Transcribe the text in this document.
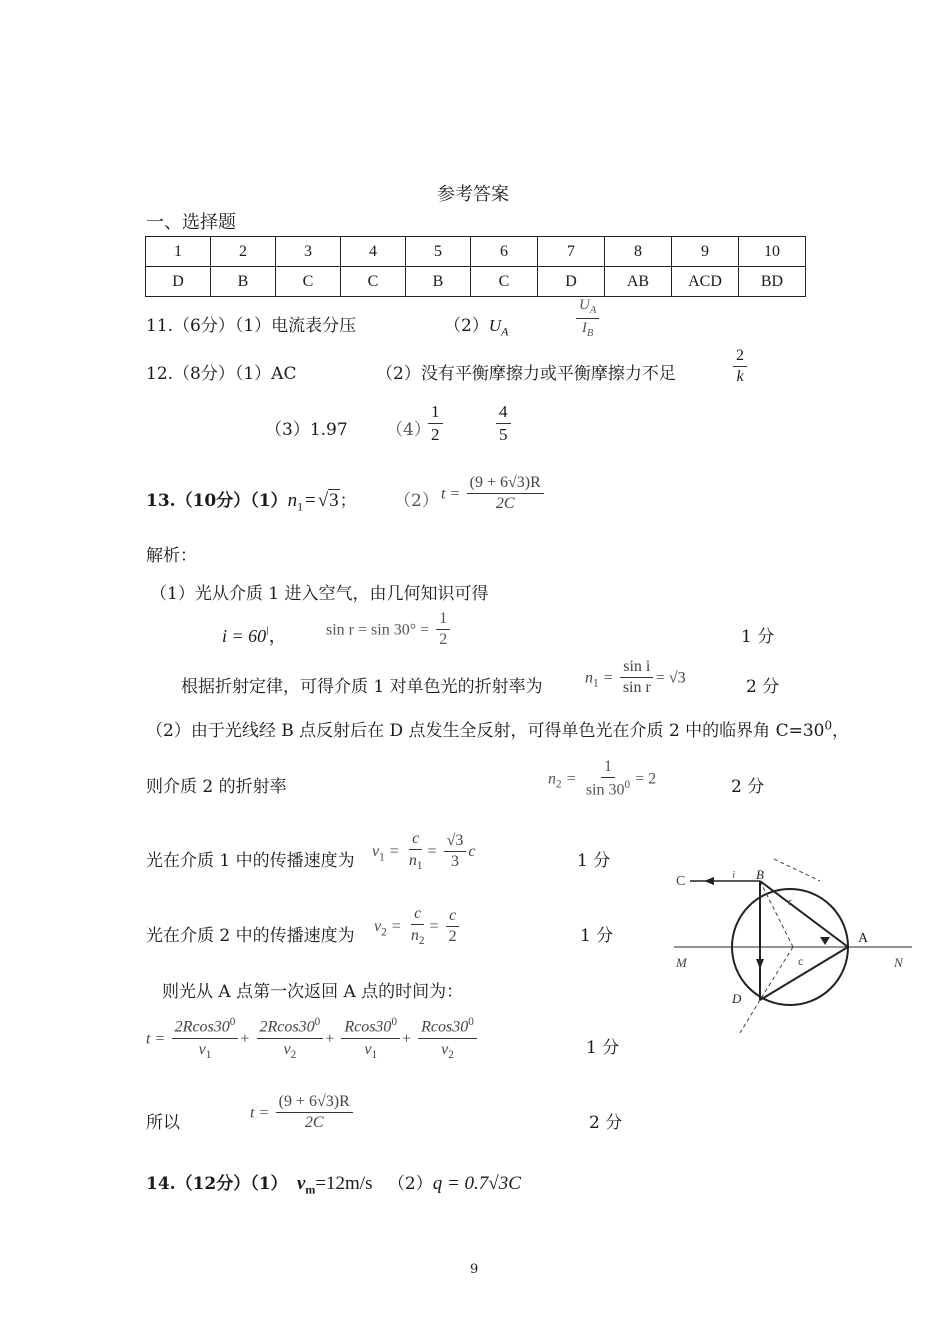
参考答案
一、选择题
1	2	3	4	5	6	7	8	9	10
D	B	C	C	B	C	D	AB	ACD	BD
11.（6分）（1）电流表分压	$(2)U_A$	$\frac{U_A}{I_B}$
12.（8分）（1）AC	（2）没有平衡摩擦力或平衡摩擦力不足	$\frac{2}{k}$
（3）1.97 （4）
$\frac{1}{2}$	$\frac{4}{5}$
13.（10分）$(1)n_1 = √3$； （2） $t = \frac{(9 + 6√3)R}{2C}$
解析：
（1）光从介质 1 进入空气，由几何知识可得
$i = 60^ǀ$， $\sin r = \sin 30^\circ = \frac{1}{2}$	1 分
根据折射定律，可得介质 1 对单色光的折射率为	$n_1 = \frac{\text{sin i}}{\text{sin r}} = √3$	2 分
（2）由于光线经 B 点反射后在 D 点发生全反射，可得单色光在介质 2 中的临界角 $C=30^0$，
则介质 2 的折射率	$n_2 = \frac{1}{\sin 30^0} = 2$	2 分
光在介质 1 中的传播速度为 $v_1 = \frac{c}{n_1} = \frac{√3}{3}$ c	1 分
光在介质 2 中的传播速度为 $v_2 = \frac{c}{n_2} = \frac{c}{2}$	1 分
则光从 A 点第一次返回 A 点的时间为：
$t = \frac{2Rcos30^0}{v_1} + \frac{2Rcos30^0}{v_2} + \frac{Rcos30^0}{v_1} + \frac{Rcos30^0}{v_2}$	1 分
所以
$t = \frac{(9 + 6√3)R}{2C}$	2 分
14.（12分）（1） $v_m=12m/s$ （2）q = 0.7√3C
C	B
i
r
A
M	c	N
D
9
